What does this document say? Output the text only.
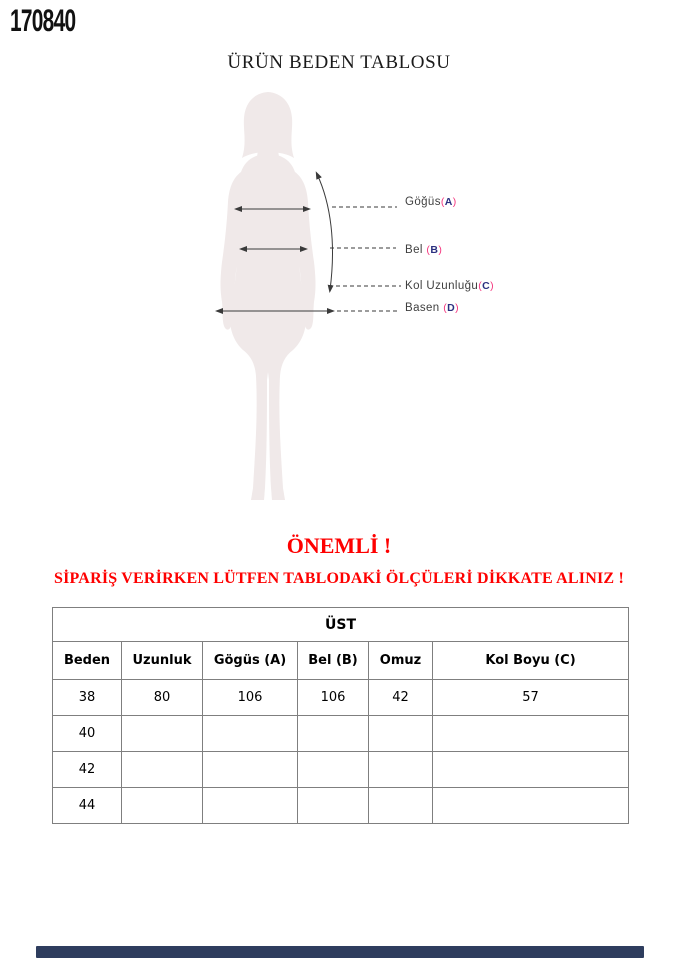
170840
ÜRÜN BEDEN TABLOSU
Göğüs(A)
Bel (B)
Kol Uzunluğu(C)
Basen (D)
ÖNEMLİ !
SİPARİŞ VERİRKEN LÜTFEN TABLODAKİ ÖLÇÜLERİ DİKKATE ALINIZ !
ÜST					
Beden	Uzunluk	Gögüs (A)	Bel (B)	Omuz	Kol Boyu (C)
38	80	106	106	42	57
40					
42					
44					
